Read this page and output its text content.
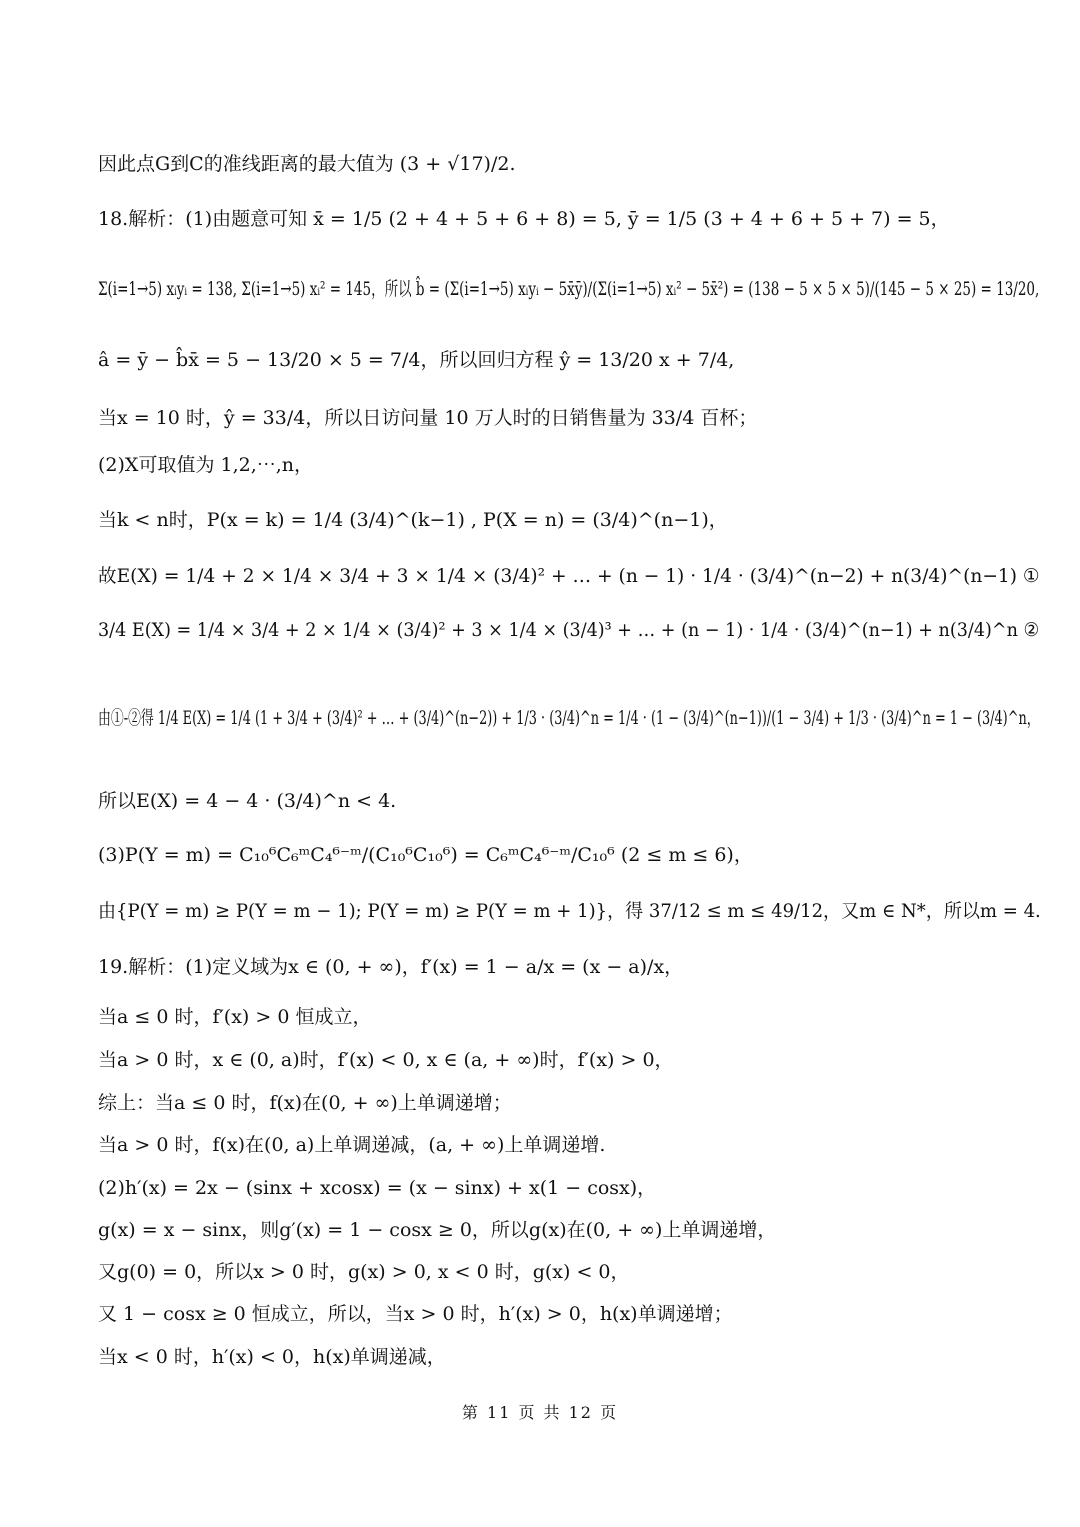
因此点G到C的准线距离的最大值为 (3 + √17)/2.
18.解析：(1)由题意可知 x̄ = 1/5 (2 + 4 + 5 + 6 + 8) = 5, ȳ = 1/5 (3 + 4 + 6 + 5 + 7) = 5，
Σ(i=1→5) xᵢyᵢ = 138, Σ(i=1→5) xᵢ² = 145，所以 b̂ = (Σ(i=1→5) xᵢyᵢ − 5x̄ȳ)/(Σ(i=1→5) xᵢ² − 5x̄²) = (138 − 5 × 5 × 5)/(145 − 5 × 25) = 13/20,
â = ȳ − b̂x̄ = 5 − 13/20 × 5 = 7/4，所以回归方程 ŷ = 13/20 x + 7/4,
当x = 10 时，ŷ = 33/4，所以日访问量 10 万人时的日销售量为 33/4 百杯；
(2)X可取值为 1,2,⋯,n，
当k < n时，P(x = k) = 1/4 (3/4)^(k−1) , P(X = n) = (3/4)^(n−1)，
故E(X) = 1/4 + 2 × 1/4 × 3/4 + 3 × 1/4 × (3/4)² + … + (n − 1) · 1/4 · (3/4)^(n−2) + n(3/4)^(n−1) ①
3/4 E(X) = 1/4 × 3/4 + 2 × 1/4 × (3/4)² + 3 × 1/4 × (3/4)³ + … + (n − 1) · 1/4 · (3/4)^(n−1) + n(3/4)^n ②
由①-②得 1/4 E(X) = 1/4 (1 + 3/4 + (3/4)² + … + (3/4)^(n−2)) + 1/3 · (3/4)^n = 1/4 · (1 − (3/4)^(n−1))/(1 − 3/4) + 1/3 · (3/4)^n = 1 − (3/4)^n，
所以E(X) = 4 − 4 · (3/4)^n < 4.
(3)P(Y = m) = C₁₀⁶C₆ᵐC₄⁶⁻ᵐ/(C₁₀⁶C₁₀⁶) = C₆ᵐC₄⁶⁻ᵐ/C₁₀⁶ (2 ≤ m ≤ 6)，
由{P(Y = m) ≥ P(Y = m − 1); P(Y = m) ≥ P(Y = m + 1)}，得 37/12 ≤ m ≤ 49/12，又m ∈ N*，所以m = 4.
19.解析：(1)定义域为x ∈ (0, + ∞)，f′(x) = 1 − a/x = (x − a)/x，
当a ≤ 0 时，f′(x) > 0 恒成立，
当a > 0 时，x ∈ (0, a)时，f′(x) < 0, x ∈ (a, + ∞)时，f′(x) > 0，
综上：当a ≤ 0 时，f(x)在(0, + ∞)上单调递增；
当a > 0 时，f(x)在(0, a)上单调递减，(a, + ∞)上单调递增.
(2)h′(x) = 2x − (sinx + xcosx) = (x − sinx) + x(1 − cosx)，
g(x) = x − sinx，则g′(x) = 1 − cosx ≥ 0，所以g(x)在(0, + ∞)上单调递增，
又g(0) = 0，所以x > 0 时，g(x) > 0, x < 0 时，g(x) < 0，
又 1 − cosx ≥ 0 恒成立，所以，当x > 0 时，h′(x) > 0，h(x)单调递增；
当x < 0 时，h′(x) < 0，h(x)单调递减，
第 11 页 共 12 页
